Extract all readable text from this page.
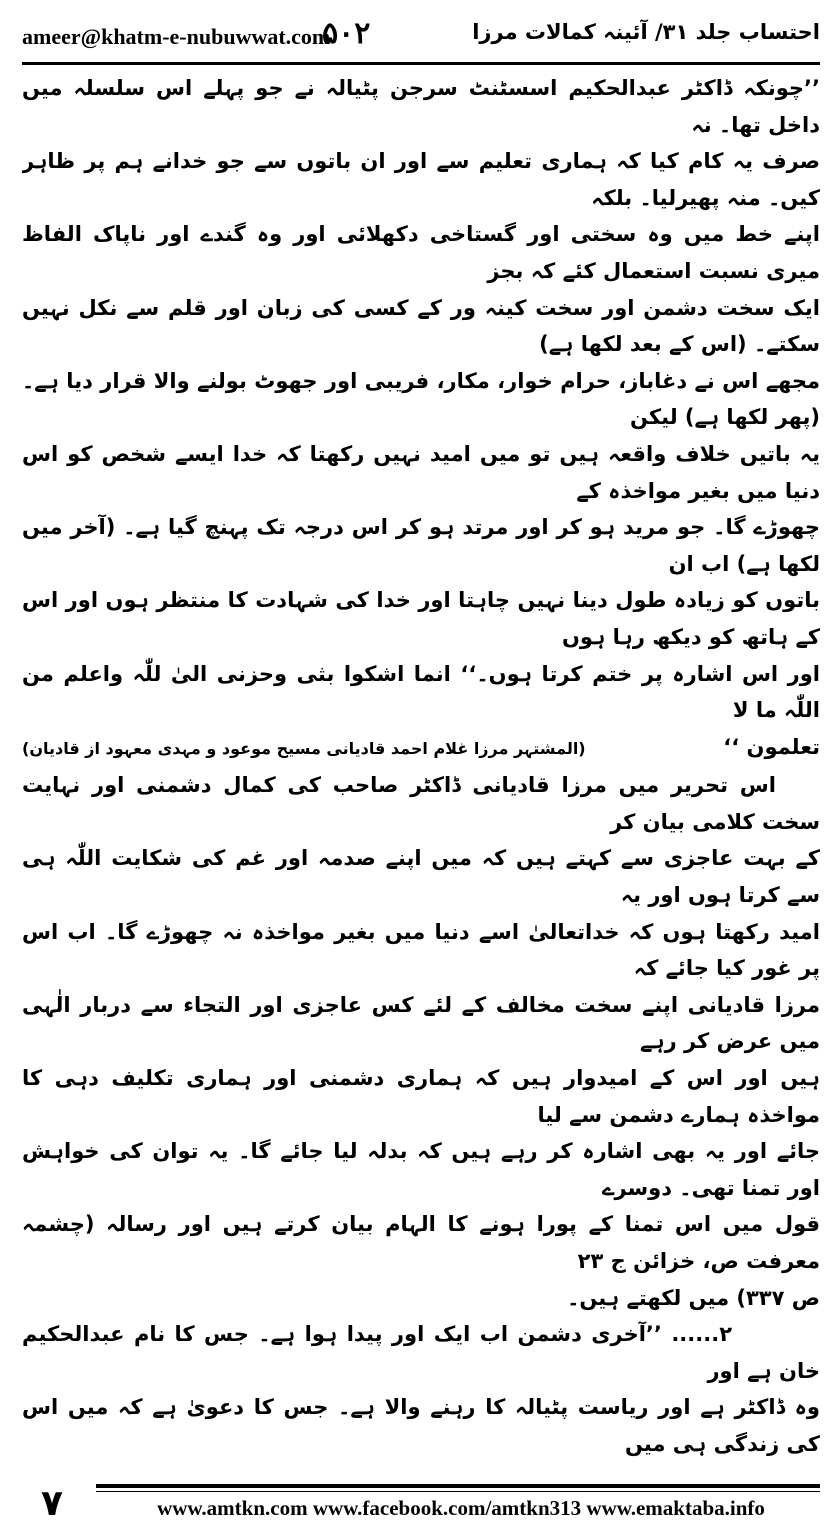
ameer@khatm-e-nubuwwat.com
۵۰۲	احتساب جلد ۳۱/ آئینہ کمالات مرزا

’’چونکہ ڈاکٹر عبدالحکیم اسسٹنٹ سرجن پٹیالہ نے جو پہلے اس سلسلہ میں داخل تھا۔ نہ

صرف یہ کام کیا کہ ہماری تعلیم سے اور ان باتوں سے جو خدانے ہم پر ظاہر کیں۔ منہ پھیرلیا۔ بلکہ

اپنے خط میں وہ سختی اور گستاخی دکھلائی اور وہ گندے اور ناپاک الفاظ میری نسبت استعمال کئے کہ بجز

ایک سخت دشمن اور سخت کینہ ور کے کسی کی زبان اور قلم سے نکل نہیں سکتے۔ (اس کے بعد لکھا ہے)

مجھے اس نے دغاباز، حرام خوار، مکار، فریبی اور جھوٹ بولنے والا قرار دیا ہے۔ (پھر لکھا ہے) لیکن

یہ باتیں خلاف واقعہ ہیں تو میں امید نہیں رکھتا کہ خدا ایسے شخص کو اس دنیا میں بغیر مواخذہ کے

چھوڑے گا۔ جو مرید ہو کر اور مرتد ہو کر اس درجہ تک پہنچ گیا ہے۔ (آخر میں لکھا ہے) اب ان

باتوں کو زیادہ طول دینا نہیں چاہتا اور خدا کی شہادت کا منتظر ہوں اور اس کے ہاتھ کو دیکھ رہا ہوں

اور اس اشارہ پر ختم کرتا ہوں۔‘‘ انما اشکوا بثی وحزنی الیٰ للّٰہ واعلم من اللّٰہ ما لا

تعلمون ‘‘
(المشتہر مرزا غلام احمد قادیانی مسیح موعود و مہدی معہود از قادیان)

اس تحریر میں مرزا قادیانی ڈاکٹر صاحب کی کمال دشمنی اور نہایت سخت کلامی بیان کر

کے بہت عاجزی سے کہتے ہیں کہ میں اپنے صدمہ اور غم کی شکایت اللّٰہ ہی سے کرتا ہوں اور یہ

امید رکھتا ہوں کہ خداتعالیٰ اسے دنیا میں بغیر مواخذہ نہ چھوڑے گا۔ اب اس پر غور کیا جائے کہ

مرزا قادیانی اپنے سخت مخالف کے لئے کس عاجزی اور التجاء سے دربار الٰہی میں عرض کر رہے

ہیں اور اس کے امیدوار ہیں کہ ہماری دشمنی اور ہماری تکلیف دہی کا مواخذہ ہمارے دشمن سے لیا

جائے اور یہ بھی اشارہ کر رہے ہیں کہ بدلہ لیا جائے گا۔ یہ توان کی خواہش اور تمنا تھی۔ دوسرے

قول میں اس تمنا کے پورا ہونے کا الہام بیان کرتے ہیں اور رسالہ (چشمہ معرفت ص، خزائن ج ۲۳

ص ۳۳۷) میں لکھتے ہیں۔

۲...... ’’آخری دشمن اب ایک اور پیدا ہوا ہے۔ جس کا نام عبدالحکیم خان ہے اور

وہ ڈاکٹر ہے اور ریاست پٹیالہ کا رہنے والا ہے۔ جس کا دعویٰ ہے کہ میں اس کی زندگی ہی میں

۷	www.amtkn.com www.facebook.com/amtkn313 www.emaktaba.info
